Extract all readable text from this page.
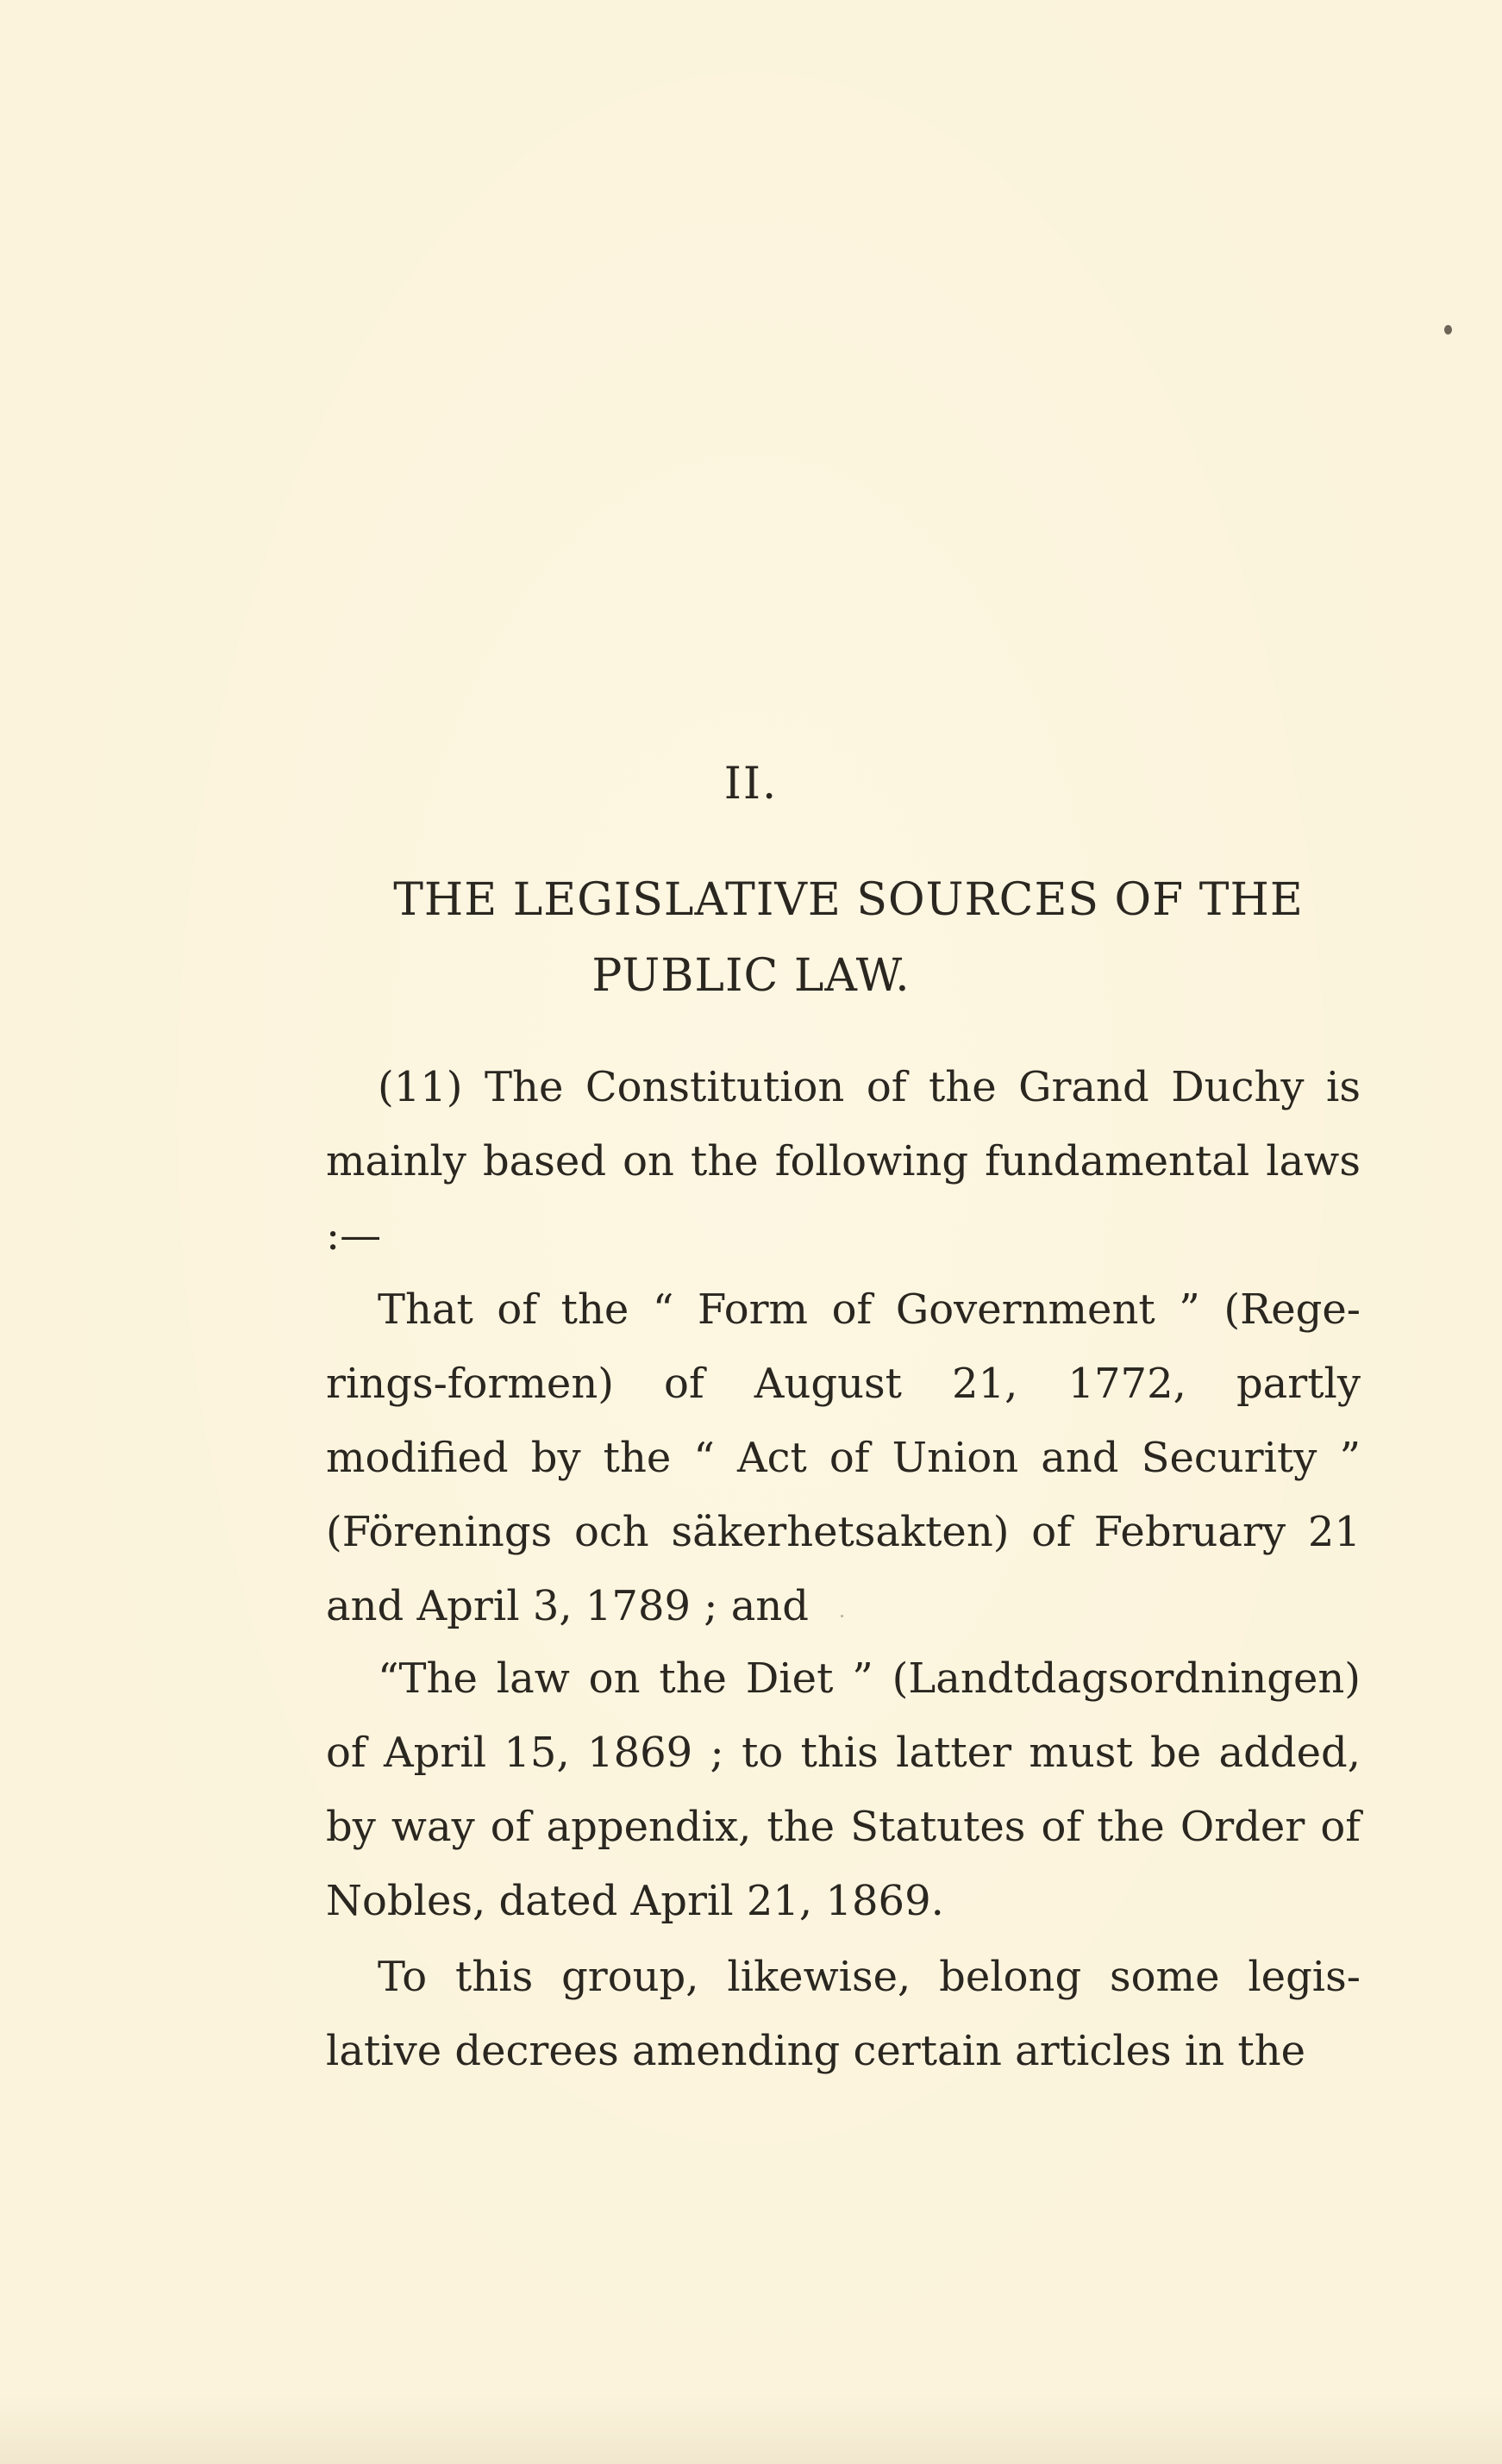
II.
THE LEGISLATIVE SOURCES OF THE
PUBLIC LAW.
(11) The Constitution of the Grand Duchy is mainly based on the following fundamental laws :—
That of the “ Form of Government ” (Rege-rings-formen) of August 21, 1772, partly modified by the “ Act of Union and Security ” (Förenings och säkerhetsakten) of February 21 and April 3, 1789 ; and
“The law on the Diet ” (Landtdagsordningen) of April 15, 1869 ; to this latter must be added, by way of appendix, the Statutes of the Order of Nobles, dated April 21, 1869.
To this group, likewise, belong some legis-lative decrees amending certain articles in the
